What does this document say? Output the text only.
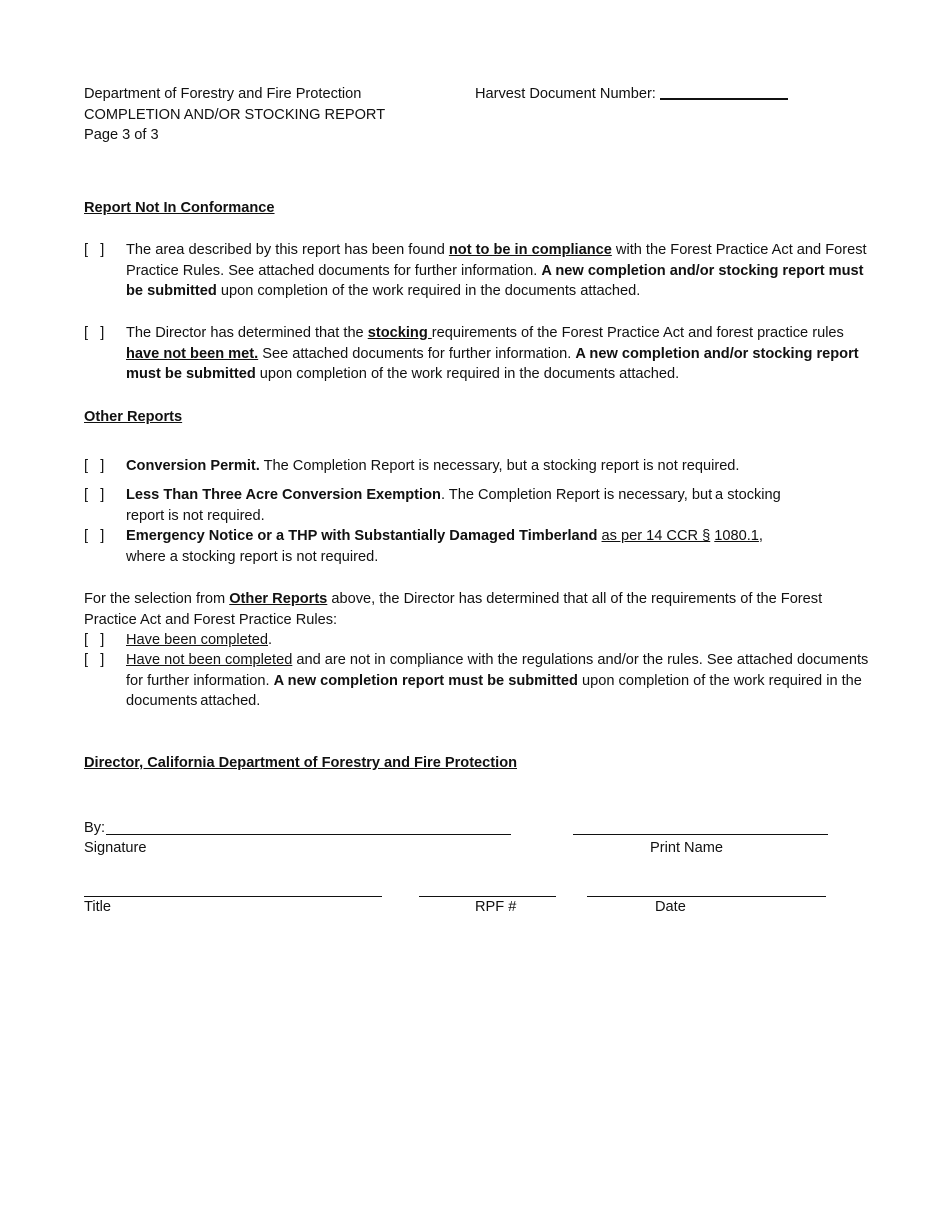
Department of Forestry and Fire Protection
COMPLETION AND/OR STOCKING REPORT
Page 3 of 3
Harvest Document Number:
Report Not In Conformance
[   ] The area described by this report has been found not to be in compliance with the Forest Practice Act and Forest Practice Rules. See attached documents for further information. A new completion and/or stocking report must be submitted upon completion of the work required in the documents attached.
[   ] The Director has determined that the stocking requirements of the Forest Practice Act and forest practice rules have not been met. See attached documents for further information. A new completion and/or stocking report must be submitted upon completion of the work required in the documents attached.
Other Reports
[   ] Conversion Permit. The Completion Report is necessary, but a stocking report is not required.
[   ] Less Than Three Acre Conversion Exemption. The Completion Report is necessary, but a stocking report is not required.
[   ] Emergency Notice or a THP with Substantially Damaged Timberland as per 14 CCR § 1080.1, where a stocking report is not required.
For the selection from Other Reports above, the Director has determined that all of the requirements of the Forest Practice Act and Forest Practice Rules:
[   ] Have been completed.
[   ] Have not been completed and are not in compliance with the regulations and/or the rules. See attached documents for further information. A new completion report must be submitted upon completion of the work required in the documents attached.
Director, California Department of Forestry and Fire Protection
By:
Signature	Print Name
Title	RPF #	Date
